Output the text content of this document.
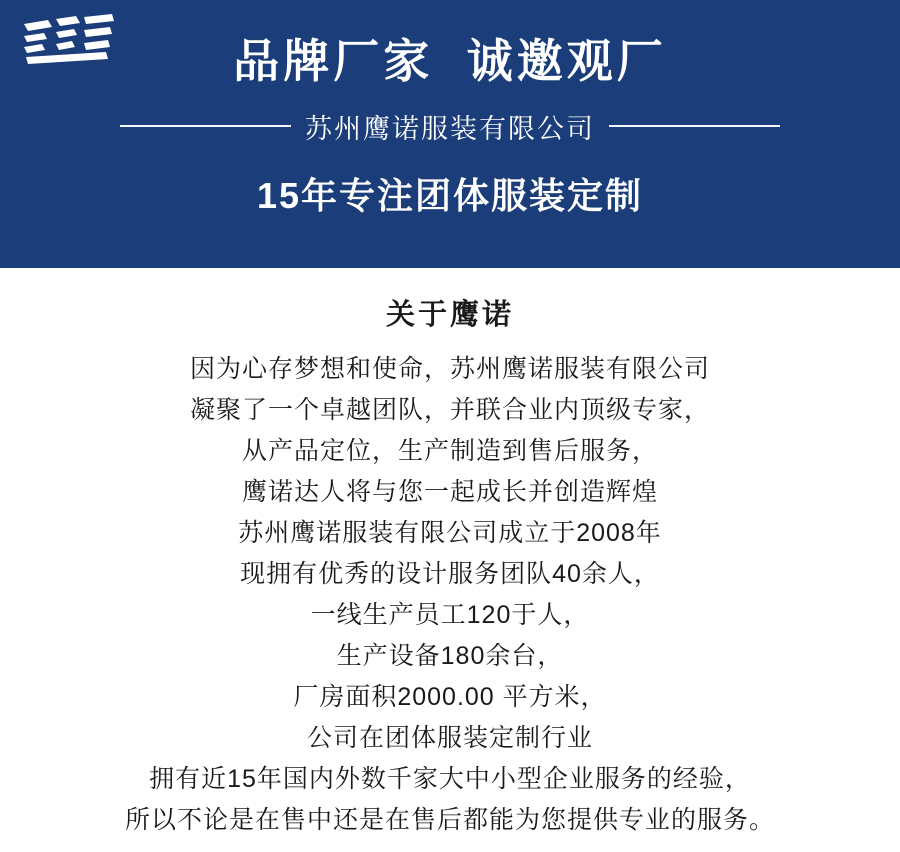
品牌厂家  诚邀观厂
苏州鹰诺服装有限公司
15年专注团体服装定制
关于鹰诺
因为心存梦想和使命，苏州鹰诺服装有限公司
凝聚了一个卓越团队，并联合业内顶级专家，
从产品定位，生产制造到售后服务，
鹰诺达人将与您一起成长并创造辉煌
苏州鹰诺服装有限公司成立于2008年
现拥有优秀的设计服务团队40余人，
一线生产员工120于人，
生产设备180余台，
厂房面积2000.00 平方米，
公司在团体服装定制行业
拥有近15年国内外数千家大中小型企业服务的经验，
所以不论是在售中还是在售后都能为您提供专业的服务。
